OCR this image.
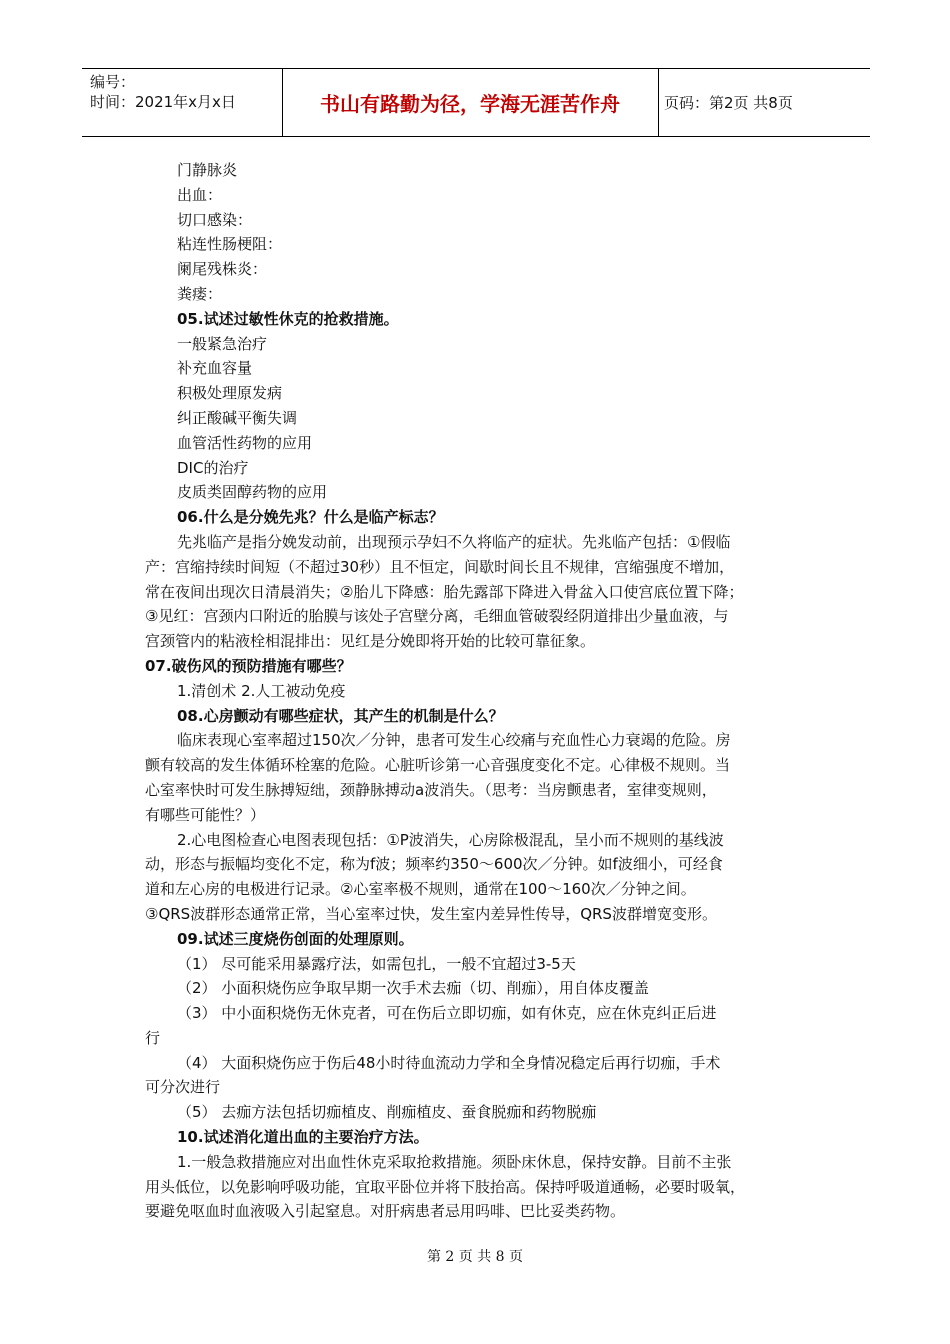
编号：
时间：2021年x月x日	书山有路勤为径，学海无涯苦作舟	页码：第2页 共8页
门静脉炎
出血：
切口感染：
粘连性肠梗阻：
阑尾残株炎：
粪瘘：
05.试述过敏性休克的抢救措施。
一般紧急治疗
补充血容量
积极处理原发病
纠正酸碱平衡失调
血管活性药物的应用
DIC的治疗
皮质类固醇药物的应用
06.什么是分娩先兆？什么是临产标志？
先兆临产是指分娩发动前，出现预示孕妇不久将临产的症状。先兆临产包括：①假临
产：宫缩持续时间短（不超过30秒）且不恒定，间歇时间长且不规律，宫缩强度不增加，
常在夜间出现次日清晨消失；②胎儿下降感：胎先露部下降进入骨盆入口使宫底位置下降；
③见红：宫颈内口附近的胎膜与该处子宫壁分离，毛细血管破裂经阴道排出少量血液，与
宫颈管内的粘液栓相混排出：见红是分娩即将开始的比较可靠征象。
07.破伤风的预防措施有哪些？
1.清创术 2.人工被动免疫
08.心房颤动有哪些症状，其产生的机制是什么？
临床表现心室率超过150次／分钟，患者可发生心绞痛与充血性心力衰竭的危险。房
颤有较高的发生体循环栓塞的危险。心脏听诊第一心音强度变化不定。心律极不规则。当
心室率快时可发生脉搏短绌，颈静脉搏动a波消失。（思考：当房颤患者，室律变规则，
有哪些可能性？）
2.心电图检查心电图表现包括：①P波消失，心房除极混乱，呈小而不规则的基线波
动，形态与振幅均变化不定，称为f波；频率约350～600次／分钟。如f波细小，可经食
道和左心房的电极进行记录。②心室率极不规则，通常在100～160次／分钟之间。
③QRS波群形态通常正常，当心室率过快，发生室内差异性传导，QRS波群增宽变形。
09.试述三度烧伤创面的处理原则。
（1） 尽可能采用暴露疗法，如需包扎，一般不宜超过3-5天
（2） 小面积烧伤应争取早期一次手术去痂（切、削痂），用自体皮覆盖
（3） 中小面积烧伤无休克者，可在伤后立即切痂，如有休克，应在休克纠正后进
行
（4） 大面积烧伤应于伤后48小时待血流动力学和全身情况稳定后再行切痂，手术
可分次进行
（5） 去痂方法包括切痂植皮、削痂植皮、蚕食脱痂和药物脱痂
10.试述消化道出血的主要治疗方法。
1.一般急救措施应对出血性休克采取抢救措施。须卧床休息，保持安静。目前不主张
用头低位，以免影响呼吸功能，宜取平卧位并将下肢抬高。保持呼吸道通畅，必要时吸氧，
要避免呕血时血液吸入引起窒息。对肝病患者忌用吗啡、巴比妥类药物。
第 2 页 共 8 页
